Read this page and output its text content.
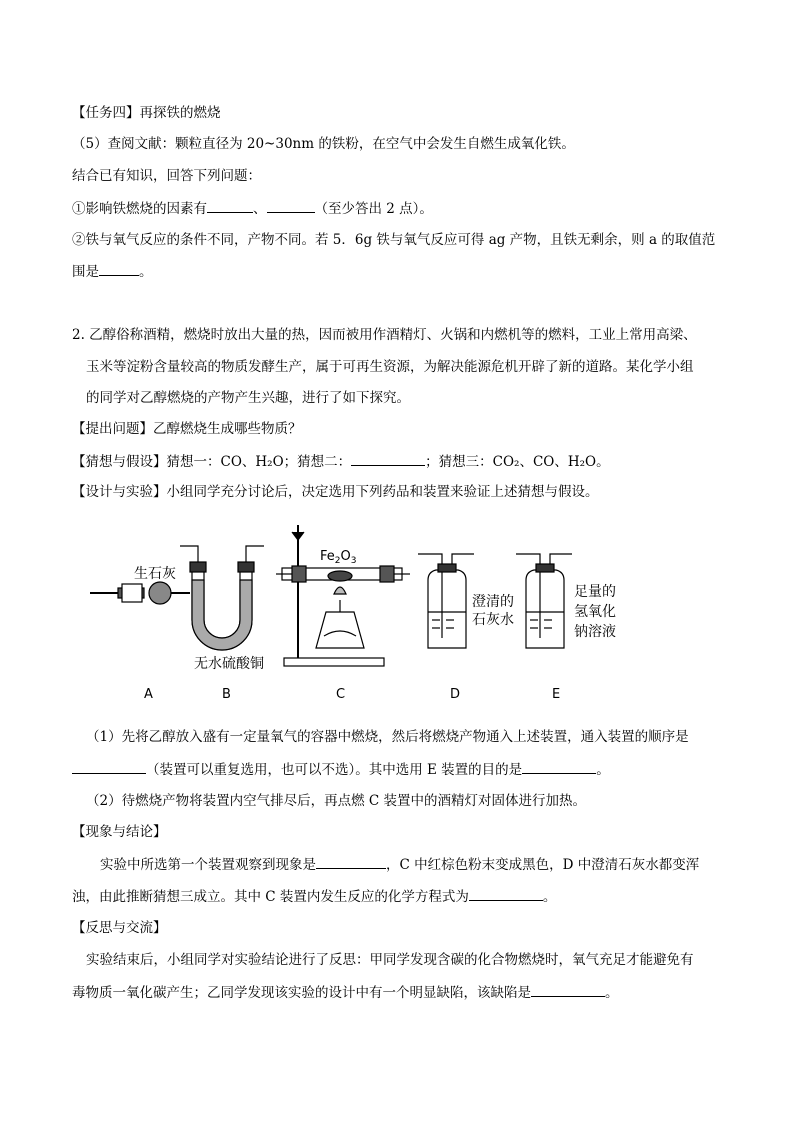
【任务四】再探铁的燃烧
（5）查阅文献：颗粒直径为 20~30nm 的铁粉，在空气中会发生自燃生成氧化铁。
结合已有知识，回答下列问题：
①影响铁燃烧的因素有	、	（至少答出 2 点）。
②铁与氧气反应的条件不同，产物不同。若 5．6g 铁与氧气反应可得 ag 产物，且铁无剩余，则 a 的取值范
围是	。
2. 乙醇俗称酒精，燃烧时放出大量的热，因而被用作酒精灯、火锅和内燃机等的燃料，工业上常用高梁、
玉米等淀粉含量较高的物质发酵生产，属于可再生资源，为解决能源危机开辟了新的道路。某化学小组
的同学对乙醇燃烧的产物产生兴趣，进行了如下探究。
【提出问题】乙醇燃烧生成哪些物质？
【猜想与假设】猜想一：CO、H₂O；猜想二：	；猜想三：CO₂、CO、H₂O。
【设计与实验】小组同学充分讨论后，决定选用下列药品和装置来验证上述猜想与假设。
生石灰
无水硫酸铜
$Fe_2O_3$
澄清的
石灰水
足量的
氢氧化
钠溶液
A	B	C	D	E
（1）先将乙醇放入盛有一定量氧气的容器中燃烧，然后将燃烧产物通入上述装置，通入装置的顺序是
（装置可以重复选用，也可以不选）。其中选用 E 装置的目的是	。
（2）待燃烧产物将装置内空气排尽后，再点燃 C 装置中的酒精灯对固体进行加热。
【现象与结论】
实验中所选第一个装置观察到现象是	，C 中红棕色粉末变成黑色，D 中澄清石灰水都变浑
浊，由此推断猜想三成立。其中 C 装置内发生反应的化学方程式为	。
【反思与交流】
实验结束后，小组同学对实验结论进行了反思：甲同学发现含碳的化合物燃烧时，氧气充足才能避免有
毒物质一氧化碳产生；乙同学发现该实验的设计中有一个明显缺陷，该缺陷是	。
